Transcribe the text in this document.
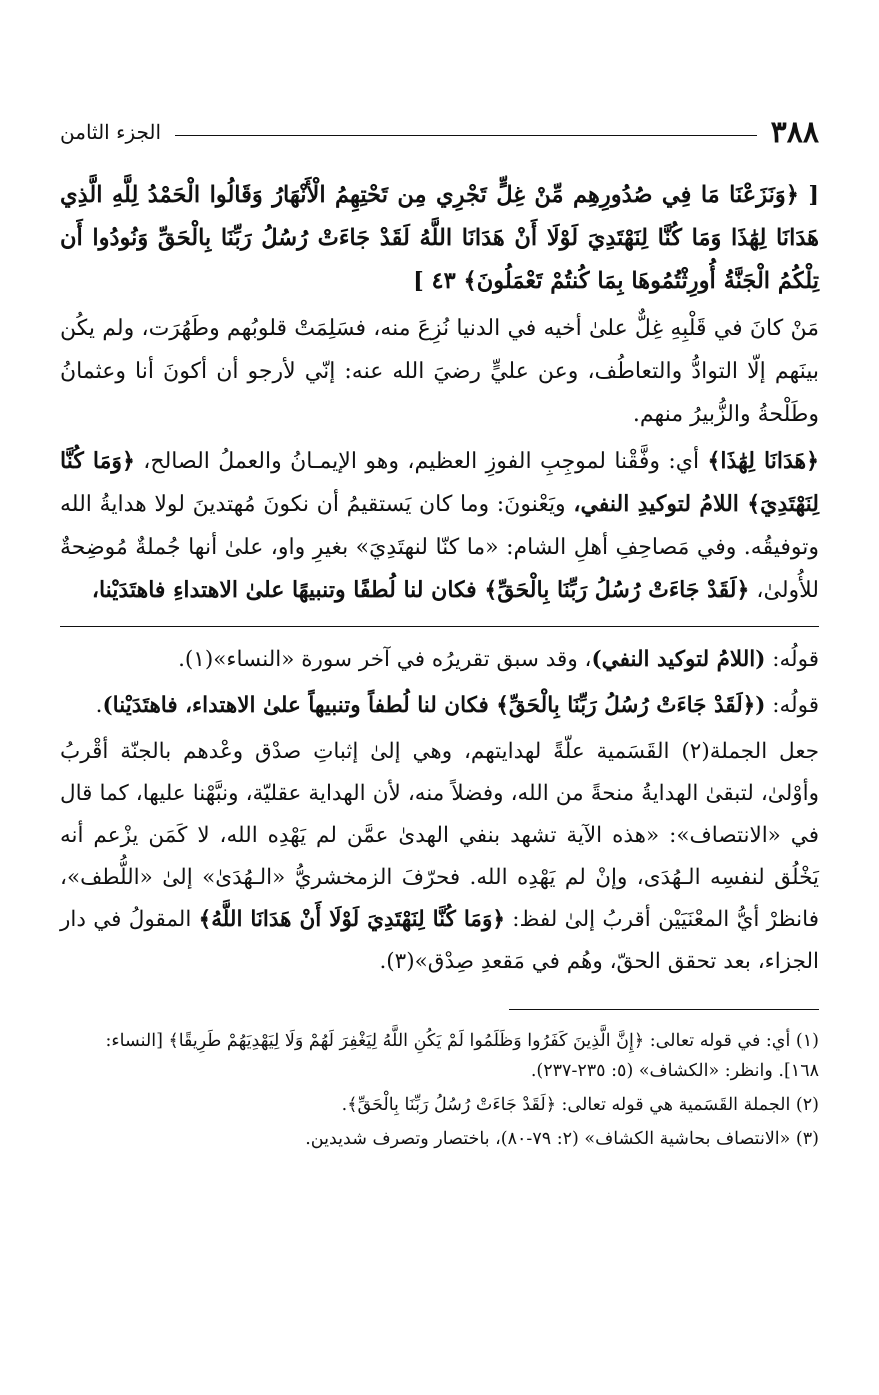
٣٨٨
الجزء الثامن

[ ﴿وَنَزَعْنَا مَا فِي صُدُورِهِم مِّنْ غِلٍّ تَجْرِي مِن تَحْتِهِمُ الْأَنْهَارُ وَقَالُوا الْحَمْدُ لِلَّهِ الَّذِي هَدَانَا لِهَٰذَا وَمَا كُنَّا لِنَهْتَدِيَ لَوْلَا أَنْ هَدَانَا اللَّهُ لَقَدْ جَاءَتْ رُسُلُ رَبِّنَا بِالْحَقِّ وَنُودُوا أَن تِلْكُمُ الْجَنَّةُ أُورِثْتُمُوهَا بِمَا كُنتُمْ تَعْمَلُونَ﴾ ٤٣ ]

مَنْ كانَ في قَلْبِهِ غِلٌّ علىٰ أخيه في الدنيا نُزِعَ منه، فسَلِمَتْ قلوبُهم وطَهُرَت، ولم يكُن بينَهم إلّا التوادُّ والتعاطُف، وعن عليٍّ رضيَ الله عنه: إنّي لأرجو أن أكونَ أنا وعثمانُ وطَلْحةُ والزُّبيرُ منهم.

﴿هَدَانَا لِهَٰذَا﴾ أي: وفَّقْنا لموجِبِ الفوزِ العظيم، وهو الإيمـانُ والعملُ الصالح، ﴿وَمَا كُنَّا لِنَهْتَدِيَ﴾ اللامُ لتوكيدِ النفي، ويَعْنونَ: وما كان يَستقيمُ أن نكونَ مُهتدينَ لولا هدايةُ الله وتوفيقُه. وفي مَصاحِفِ أهلِ الشام: «ما كنّا لنهتَدِيَ» بغيرِ واو، علىٰ أنها جُملةٌ مُوضِحةٌ للأُولىٰ، ﴿لَقَدْ جَاءَتْ رُسُلُ رَبِّنَا بِالْحَقِّ﴾ فكان لنا لُطفًا وتنبيهًا علىٰ الاهتداءِ فاهتَدَيْنا،

قولُه: (اللامُ لتوكيد النفي)، وقد سبق تقريرُه في آخر سورة «النساء»(١).

قولُه: (﴿لَقَدْ جَاءَتْ رُسُلُ رَبِّنَا بِالْحَقِّ﴾ فكان لنا لُطفاً وتنبيهاً علىٰ الاهتداء، فاهتَدَيْنا).

جعل الجملة(٢) القَسَمية علّةً لهدايتهم، وهي إلىٰ إثباتِ صدْق وعْدهم بالجنّة أقْربُ وأوْلىٰ، لتبقىٰ الهدايةُ منحةً من الله، وفضلاً منه، لأن الهداية عقليّة، ونبَّهْنا عليها، كما قال في «الانتصاف»: «هذه الآية تشهد بنفي الهدىٰ عمَّن لم يَهْدِه الله، لا كَمَن يزْعم أنه يَخْلُق لنفسِه الـهُدَى، وإنْ لم يَهْدِه الله. فحرّفَ الزمخشريُّ «الـهُدَىٰ» إلىٰ «اللُّطف»، فانظرْ أيُّ المعْنَيَيْن أقربُ إلىٰ لفظ: ﴿وَمَا كُنَّا لِنَهْتَدِيَ لَوْلَا أَنْ هَدَانَا اللَّهُ﴾ المقولُ في دار الجزاء، بعد تحقق الحقّ، وهُم في مَقعدِ صِدْق»(٣).

(١) أي: في قوله تعالى: ﴿إِنَّ الَّذِينَ كَفَرُوا وَظَلَمُوا لَمْ يَكُنِ اللَّهُ لِيَغْفِرَ لَهُمْ وَلَا لِيَهْدِيَهُمْ طَرِيقًا﴾ [النساء: ١٦٨]. وانظر: «الكشاف» (٥: ٢٣٥-٢٣٧).

(٢) الجملة القَسَمية هي قوله تعالى: ﴿لَقَدْ جَاءَتْ رُسُلُ رَبِّنَا بِالْحَقِّ﴾.

(٣) «الانتصاف بحاشية الكشاف» (٢: ٧٩-٨٠)، باختصار وتصرف شديدين.
